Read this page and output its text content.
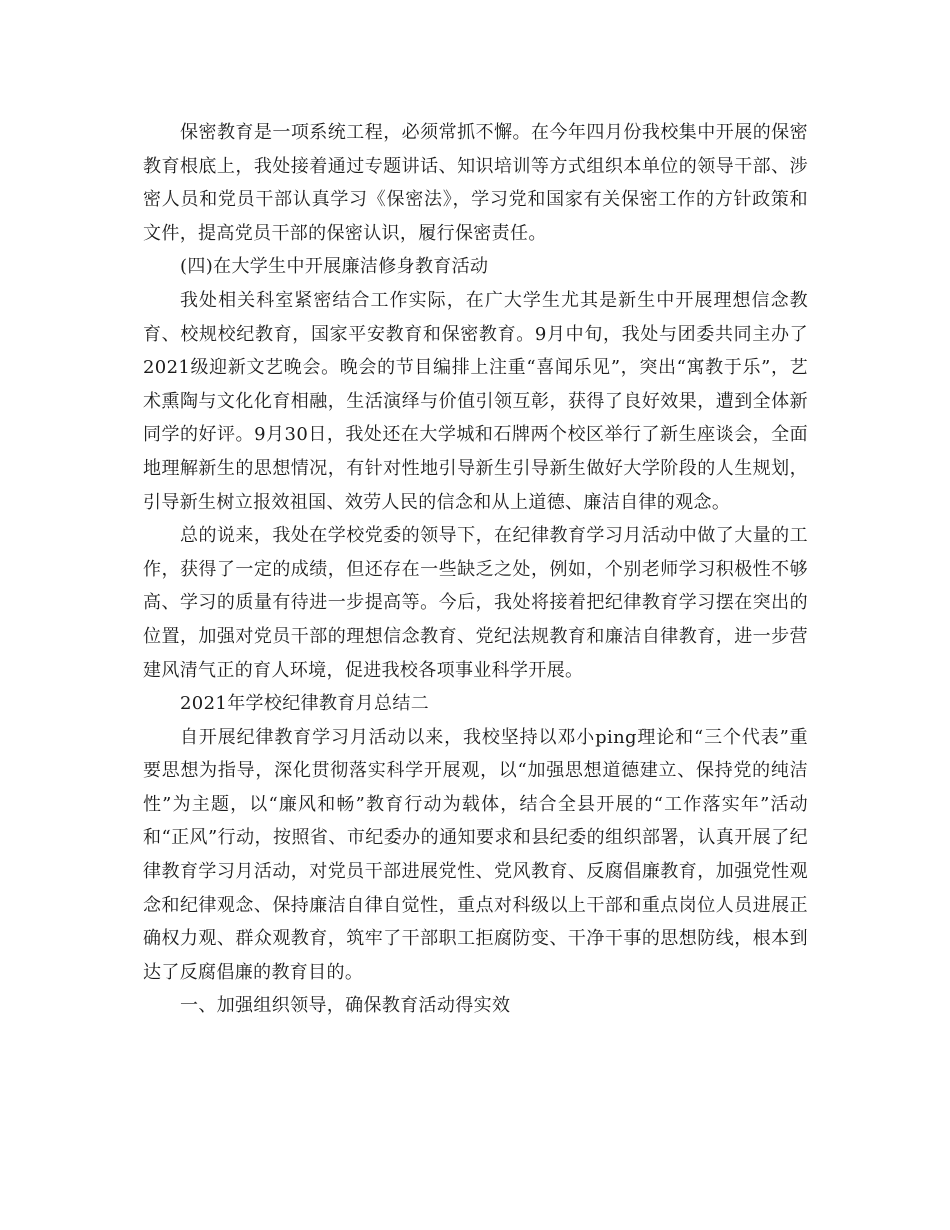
保密教育是一项系统工程，必须常抓不懈。在今年四月份我校集中开展的保密教育根底上，我处接着通过专题讲话、知识培训等方式组织本单位的领导干部、涉密人员和党员干部认真学习《保密法》，学习党和国家有关保密工作的方针政策和文件，提高党员干部的保密认识，履行保密责任。

(四)在大学生中开展廉洁修身教育活动

我处相关科室紧密结合工作实际，在广大学生尤其是新生中开展理想信念教育、校规校纪教育，国家平安教育和保密教育。9月中旬，我处与团委共同主办了2021级迎新文艺晚会。晚会的节目编排上注重“喜闻乐见”，突出“寓教于乐”，艺术熏陶与文化化育相融，生活演绎与价值引领互彰，获得了良好效果，遭到全体新同学的好评。9月30日，我处还在大学城和石牌两个校区举行了新生座谈会，全面地理解新生的思想情况，有针对性地引导新生引导新生做好大学阶段的人生规划，引导新生树立报效祖国、效劳人民的信念和从上道德、廉洁自律的观念。

总的说来，我处在学校党委的领导下，在纪律教育学习月活动中做了大量的工作，获得了一定的成绩，但还存在一些缺乏之处，例如，个别老师学习积极性不够高、学习的质量有待进一步提高等。今后，我处将接着把纪律教育学习摆在突出的位置，加强对党员干部的理想信念教育、党纪法规教育和廉洁自律教育，进一步营建风清气正的育人环境，促进我校各项事业科学开展。

2021年学校纪律教育月总结二

自开展纪律教育学习月活动以来，我校坚持以邓小ping理论和“三个代表”重要思想为指导，深化贯彻落实科学开展观，以“加强思想道德建立、保持党的纯洁性”为主题，以“廉风和畅”教育行动为载体，结合全县开展的“工作落实年”活动和“正风”行动，按照省、市纪委办的通知要求和县纪委的组织部署，认真开展了纪律教育学习月活动，对党员干部进展党性、党风教育、反腐倡廉教育，加强党性观念和纪律观念、保持廉洁自律自觉性，重点对科级以上干部和重点岗位人员进展正确权力观、群众观教育，筑牢了干部职工拒腐防变、干净干事的思想防线，根本到达了反腐倡廉的教育目的。

一、加强组织领导，确保教育活动得实效
